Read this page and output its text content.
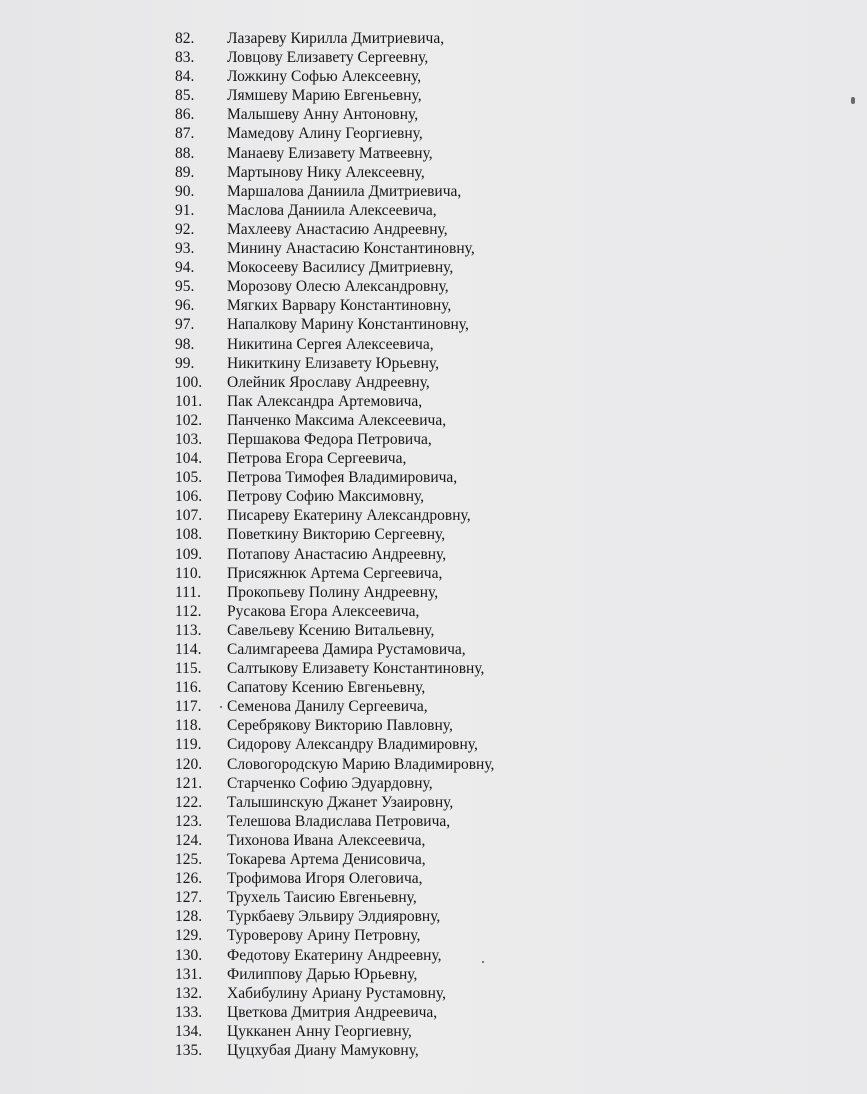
82. Лазареву Кирилла Дмитриевича,
83. Ловцову Елизавету Сергеевну,
84. Ложкину Софью Алексеевну,
85. Лямшеву Марию Евгеньевну,
86. Малышеву Анну Антоновну,
87. Мамедову Алину Георгиевну,
88. Манаеву Елизавету Матвеевну,
89. Мартынову Нику Алексеевну,
90. Маршалова Даниила Дмитриевича,
91. Маслова Даниила Алексеевича,
92. Махлееву Анастасию Андреевну,
93. Минину Анастасию Константиновну,
94. Мокосееву Василису Дмитриевну,
95. Морозову Олесю Александровну,
96. Мягких Варвару Константиновну,
97. Напалкову Марину Константиновну,
98. Никитина Сергея Алексеевича,
99. Никиткину Елизавету Юрьевну,
100. Олейник Ярославу Андреевну,
101. Пак Александра Артемовича,
102. Панченко Максима Алексеевича,
103. Першакова Федора Петровича,
104. Петрова Егора Сергеевича,
105. Петрова Тимофея Владимировича,
106. Петрову Софию Максимовну,
107. Писареву Екатерину Александровну,
108. Поветкину Викторию Сергеевну,
109. Потапову Анастасию Андреевну,
110. Присяжнюк Артема Сергеевича,
111. Прокопьеву Полину Андреевну,
112. Русакова Егора Алексеевича,
113. Савельеву Ксению Витальевну,
114. Салимгареева Дамира Рустамовича,
115. Салтыкову Елизавету Константиновну,
116. Сапатову Ксению Евгеньевну,
117. Семенова Данилу Сергеевича,
118. Серебрякову Викторию Павловну,
119. Сидорову Александру Владимировну,
120. Словогородскую Марию Владимировну,
121. Старченко Софию Эдуардовну,
122. Талышинскую Джанет Узаировну,
123. Телешова Владислава Петровича,
124. Тихонова Ивана Алексеевича,
125. Токарева Артема Денисовича,
126. Трофимова Игоря Олеговича,
127. Трухель Таисию Евгеньевну,
128. Туркбаеву Эльвиру Элдияровну,
129. Туроверову Арину Петровну,
130. Федотову Екатерину Андреевну,
131. Филиппову Дарью Юрьевну,
132. Хабибулину Ариану Рустамовну,
133. Цветкова Дмитрия Андреевича,
134. Цукканен Анну Георгиевну,
135. Цуцхубая Диану Мамуковну,
